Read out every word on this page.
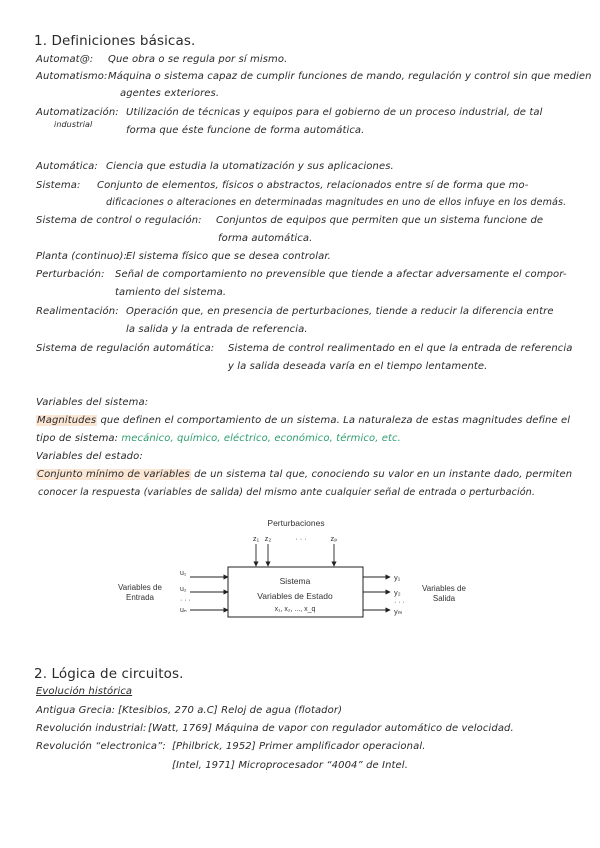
1. Definiciones básicas.
Automat@: Que obra o se regula por sí mismo.
Automatismo: Máquina o sistema capaz de cumplir funciones de mando, regulación y control sin que medien
agentes exteriores.
Automatización:
industrial
Utilización de técnicas y equipos para el gobierno de un proceso industrial, de tal
forma que éste funcione de forma automática.
Automática: Ciencia que estudia la utomatización y sus aplicaciones.
Sistema: Conjunto de elementos, físicos o abstractos, relacionados entre sí de forma que mo-
dificaciones o alteraciones en determinadas magnitudes en uno de ellos infuye en los demás.
Sistema de control o regulación: Conjuntos de equipos que permiten que un sistema funcione de
forma automática.
Planta (continuo): El sistema físico que se desea controlar.
Perturbación: Señal de comportamiento no prevensible que tiende a afectar adversamente el compor-
tamiento del sistema.
Realimentación: Operación que, en presencia de perturbaciones, tiende a reducir la diferencia entre
la salida y la entrada de referencia.
Sistema de regulación automática: Sistema de control realimentado en el que la entrada de referencia
y la salida deseada varía en el tiempo lentamente.
Variables del sistema:
Magnitudes que definen el comportamiento de un sistema. La naturaleza de estas magnitudes define el
tipo de sistema: mecánico, químico, eléctrico, económico, térmico, etc.
Variables del estado:
Conjunto mínimo de variables de un sistema tal que, conociendo su valor en un instante dado, permiten
conocer la respuesta (variables de salida) del mismo ante cualquier señal de entrada o perturbación.
Perturbaciones
z₁ z₂	· · ·	zₚ
Sistema
Variables de Estado
x₁, x₂, ..., x_q
u₁
u₂
· · ·
uₙ
Variables de
Entrada
y₁
y₂
· · ·
yₘ
Variables de
Salida
2. Lógica de circuitos.
Evolución histórica
Antigua Grecia: [Ktesibios, 270 a.C] Reloj de agua (flotador)
Revolución industrial: [Watt, 1769] Máquina de vapor con regulador automático de velocidad.
Revolución “electronica”: [Philbrick, 1952] Primer amplificador operacional.
[Intel, 1971] Microprocesador “4004” de Intel.
